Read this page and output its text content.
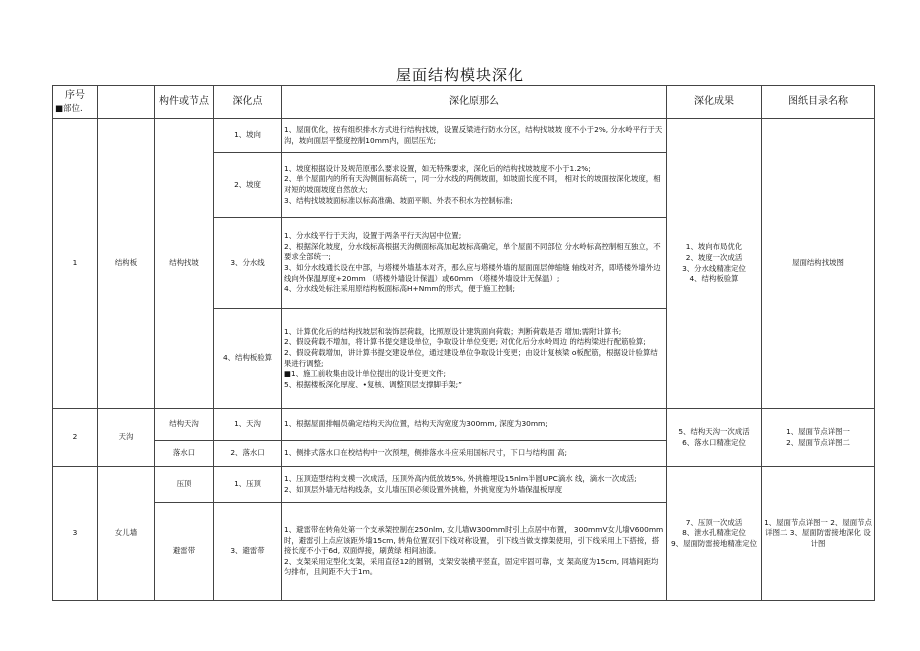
屋面结构模块深化
序号
■部位.		构件或节点	深化点	深化原那么	深化成果	图纸目录名称
1	结构板	结构找坡	1、坡向	1、屋面优化，按有组织排水方式进行结构找坡，设置反梁进行防水分区，结构找坡坡 度不小于2%, 分水岭平行于天沟，坡向面层平整度控制10mm内，面层压光;	1、坡向布局优化
2、坡度一次成活
3、分水线精准定位
4、结构板验算	屋面结构找坡图
			2、坡度	1、坡度根据设计及规范原那么要求设置，如无特殊要求，深化后的结构找坡坡度不小于1.2%;
2、单个屋面内的所有天沟侧面标高统一，同一分水线的两侧坡面，如坡面长度不同， 相对长的坡面按深化坡度，相对短的坡面坡度自然放大;
3、结构找坡坡面标准以标高准确、坡面平顺、外表不积水为控制标准;		

			3、分水线	1、分水线平行于天沟，设置于两条平行天沟居中位置;
2、根据深化坡度，分水线标高根据天沟侧面标高加起坡标高确定，单个屋面不同部位 分水岭标高控制相互独立，不要求全部统一;
3、如分水线通长设在中部，与塔楼外墙基本对齐，那么应与塔楼外墙的屋面面层伸缩缝 轴线对齐，即塔楼外墙外边线向外保温厚度+20mm （塔楼外墙设计保温）或60mm （塔楼外墙设计无保温）;
4、分水线处标注采用原结构板面标高H+Nmm的形式，便于施工控制;		

			4、结构板验算	1、计算优化后的结构找坡层和装饰层荷载，比照原设计建筑面向荷载；判断荷载是否 增加;需附计算书;
2、假设荷载不增加，将计算书提交建设单位，争取设计单位变更; 对优化后分水岭周边 的结构梁进行配筋验算;
2、假设荷载增加，讲计算书提交建设单位，通过建设单位争取设计变更；由设计复核梁 o板配筋，根据设计验算结果进行调整;
■1、施工前收集由设计单位提出的设计变更文件;
5、根据楼板深化厚度、•复核、调整顶层支撑脚手架;”		

2	天沟	结构天沟	1、天沟	1、根据屋面排幅员确定结构天沟位置，结构天沟宽度为300mm, 深度为30mm;	5、结构天沟一次成活
6、落水口精准定位	1、屋面节点详图一
2、屋面节点详图二

		落水口	2、落水口	1、侧排式落水口在校结构中一次预埋，侧排落水斗应采用国标尺寸，下口与结构面 高;		

3	女儿墙	压顶	1、压顶	1、压顶造型结构支模一次成活，压顶外高内低放坡5%, 外挑檐埋设15nlm半圆UPC滴水 线，滴水一次成活;
2、如顶层外墙无结构线条，女儿墙压顶必须设置外挑檐，外挑宽度为外墙保温板厚度	7、压顶一次成活
8、泄水孔精准定位
9、屋面防雷接地精准定位	1、屋面节点详图一 2、屋面节点详图二 3、屋面防雷接地深化 设计图
		避雷带	3、避雷带	1、避雷带在转角处第一个支承架控制在250nlm, 女儿墙W300mm时引上点居中布置， 300mmV女儿墙V600mm时，避雷引上点应该距外墙15cm, 转角位置双引下线对称设置， 引下线当做支撑架使用，引下线采用上下搭接，搭接长度不小于6d, 双面焊接，刷黄绿 相间油漆。
2、支架采用定型化支架，采用直径12的圆钢，支架安装横平竖直，固定牢固可靠，支 架高度为15cm, 同墙间距均匀排布，且间距不大于1m。		
